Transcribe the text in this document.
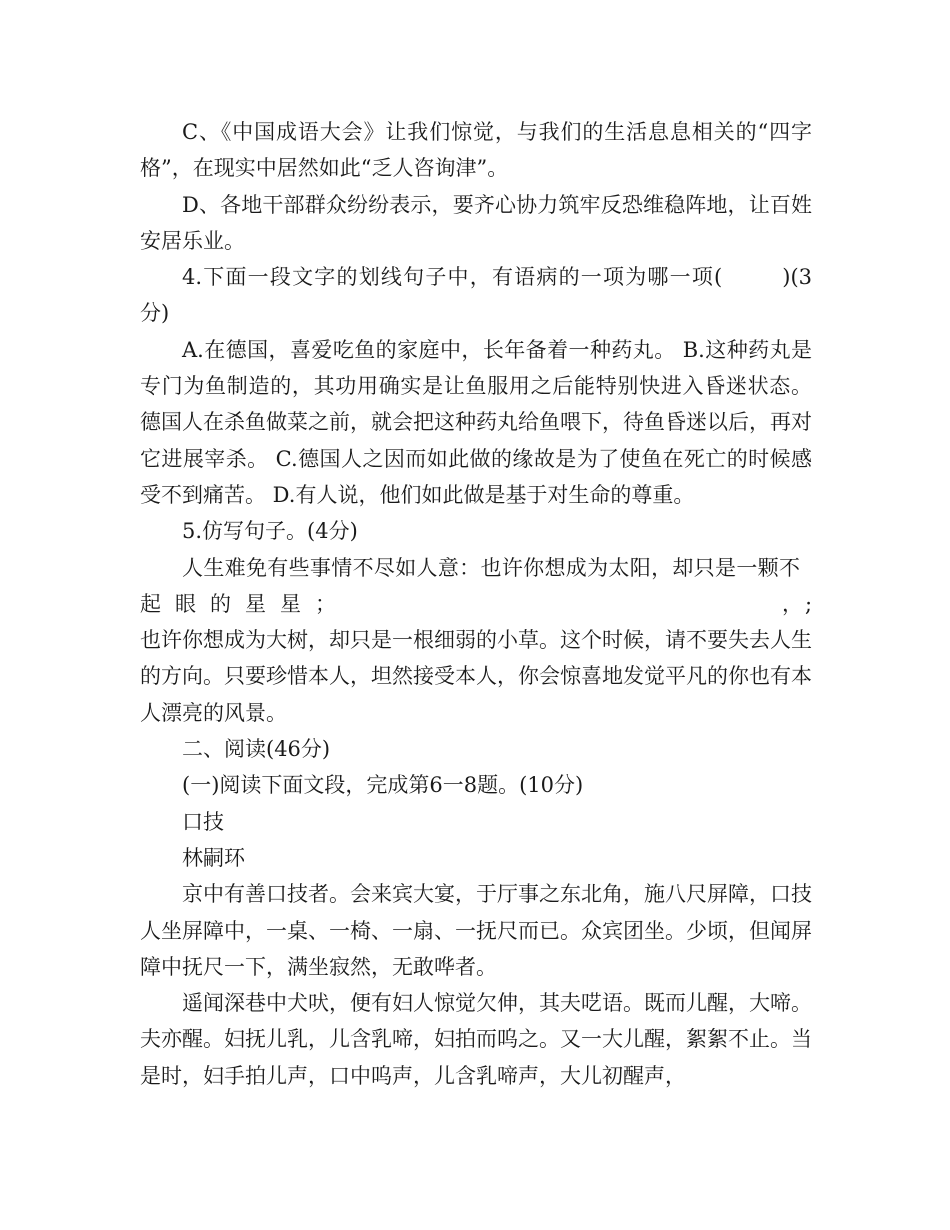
C、《中国成语大会》让我们惊觉，与我们的生活息息相关的“四字格”，在现实中居然如此“乏人咨询津”。

D、各地干部群众纷纷表示，要齐心协力筑牢反恐维稳阵地，让百姓安居乐业。

4.下面一段文字的划线句子中，有语病的一项为哪一项(	)(3分)

A.在德国，喜爱吃鱼的家庭中，长年备着一种药丸。 B.这种药丸是专门为鱼制造的，其功用确实是让鱼服用之后能特别快进入昏迷状态。 德国人在杀鱼做菜之前，就会把这种药丸给鱼喂下，待鱼昏迷以后，再对它进展宰杀。 C.德国人之因而如此做的缘故是为了使鱼在死亡的时候感受不到痛苦。 D.有人说，他们如此做是基于对生命的尊重。

5.仿写句子。(4分)

人生难免有些事情不尽如人意：也许你想成为太阳，却只是一颗不起眼的星星；	，;也许你想成为大树，却只是一根细弱的小草。这个时候，请不要失去人生的方向。只要珍惜本人，坦然接受本人，你会惊喜地发觉平凡的你也有本人漂亮的风景。

二、阅读(46分)

(一)阅读下面文段，完成第6一8题。(10分)

口技

林嗣环

京中有善口技者。会来宾大宴，于厅事之东北角，施八尺屏障，口技人坐屏障中，一桌、一椅、一扇、一抚尺而已。众宾团坐。少顷，但闻屏障中抚尺一下，满坐寂然，无敢哗者。

遥闻深巷中犬吠，便有妇人惊觉欠伸，其夫呓语。既而儿醒，大啼。夫亦醒。妇抚儿乳，儿含乳啼，妇拍而呜之。又一大儿醒，絮絮不止。当是时，妇手拍儿声，口中呜声，儿含乳啼声，大儿初醒声，
